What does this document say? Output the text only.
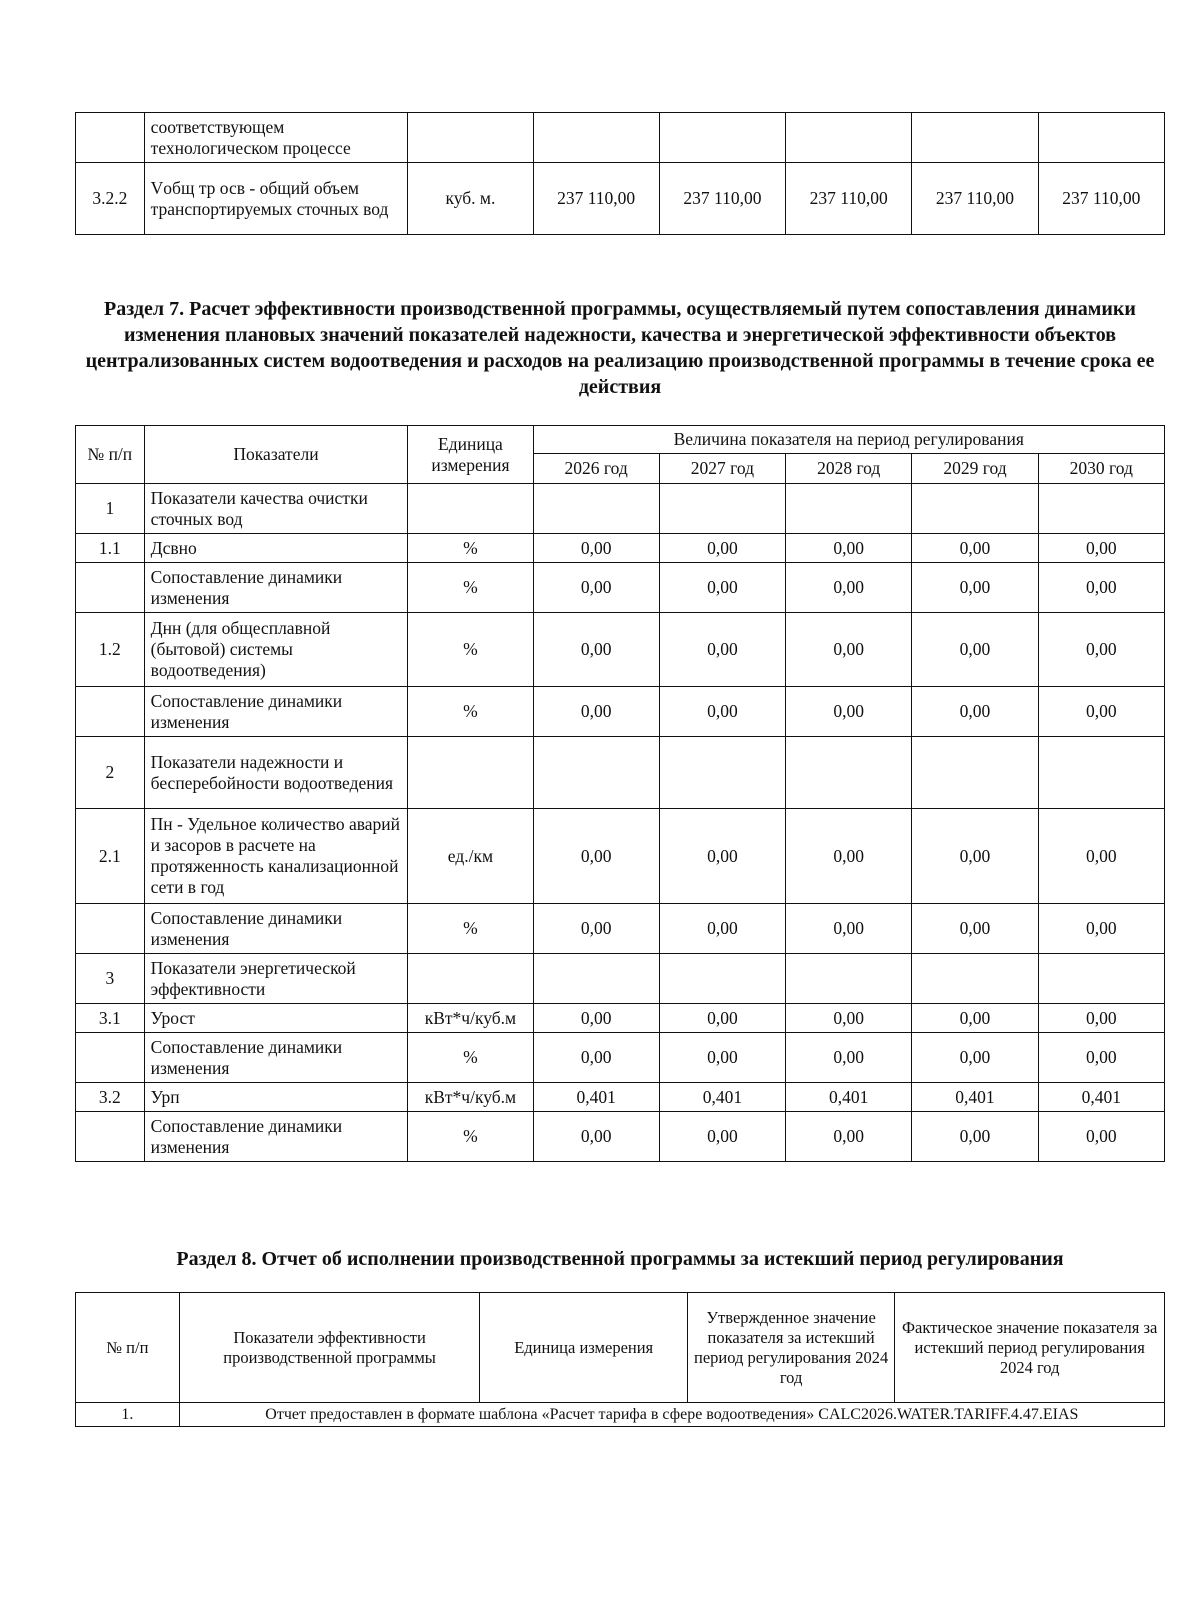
	соответствующем технологическом процессе						
3.2.2	Vобщ тр осв - общий объем транспортируемых сточных вод	куб. м.	237 110,00	237 110,00	237 110,00	237 110,00	237 110,00
Раздел 7. Расчет эффективности производственной программы, осуществляемый путем сопоставления динамики изменения плановых значений показателей надежности, качества и энергетической эффективности объектов централизованных систем водоотведения и расходов на реализацию производственной программы в течение срока ее действия
№ п/п	Показатели	Единица измерения	Величина показателя на период регулирования				
			2026 год	2027 год	2028 год	2029 год	2030 год
1	Показатели качества очистки сточных вод						
1.1	Дсвно	%	0,00	0,00	0,00	0,00	0,00
	Сопоставление динамики изменения	%	0,00	0,00	0,00	0,00	0,00
1.2	Днн (для общесплавной (бытовой) системы водоотведения)	%	0,00	0,00	0,00	0,00	0,00
	Сопоставление динамики изменения	%	0,00	0,00	0,00	0,00	0,00
2	Показатели надежности и бесперебойности водоотведения						
2.1	Пн - Удельное количество аварий и засоров в расчете на протяженность канализационной сети в год	ед./км	0,00	0,00	0,00	0,00	0,00
	Сопоставление динамики изменения	%	0,00	0,00	0,00	0,00	0,00
3	Показатели энергетической эффективности						
3.1	Урост	кВт*ч/куб.м	0,00	0,00	0,00	0,00	0,00
	Сопоставление динамики изменения	%	0,00	0,00	0,00	0,00	0,00
3.2	Урп	кВт*ч/куб.м	0,401	0,401	0,401	0,401	0,401
	Сопоставление динамики изменения	%	0,00	0,00	0,00	0,00	0,00
Раздел 8. Отчет об исполнении производственной программы за истекший период регулирования
№ п/п	Показатели эффективности производственной программы	Единица измерения	Утвержденное значение показателя за истекший период регулирования 2024 год	Фактическое значение показателя за истекший период регулирования 2024 год
1.	Отчет предоставлен в формате шаблона «Расчет тарифа в сфере водоотведения» CALC2026.WATER.TARIFF.4.47.EIAS			
